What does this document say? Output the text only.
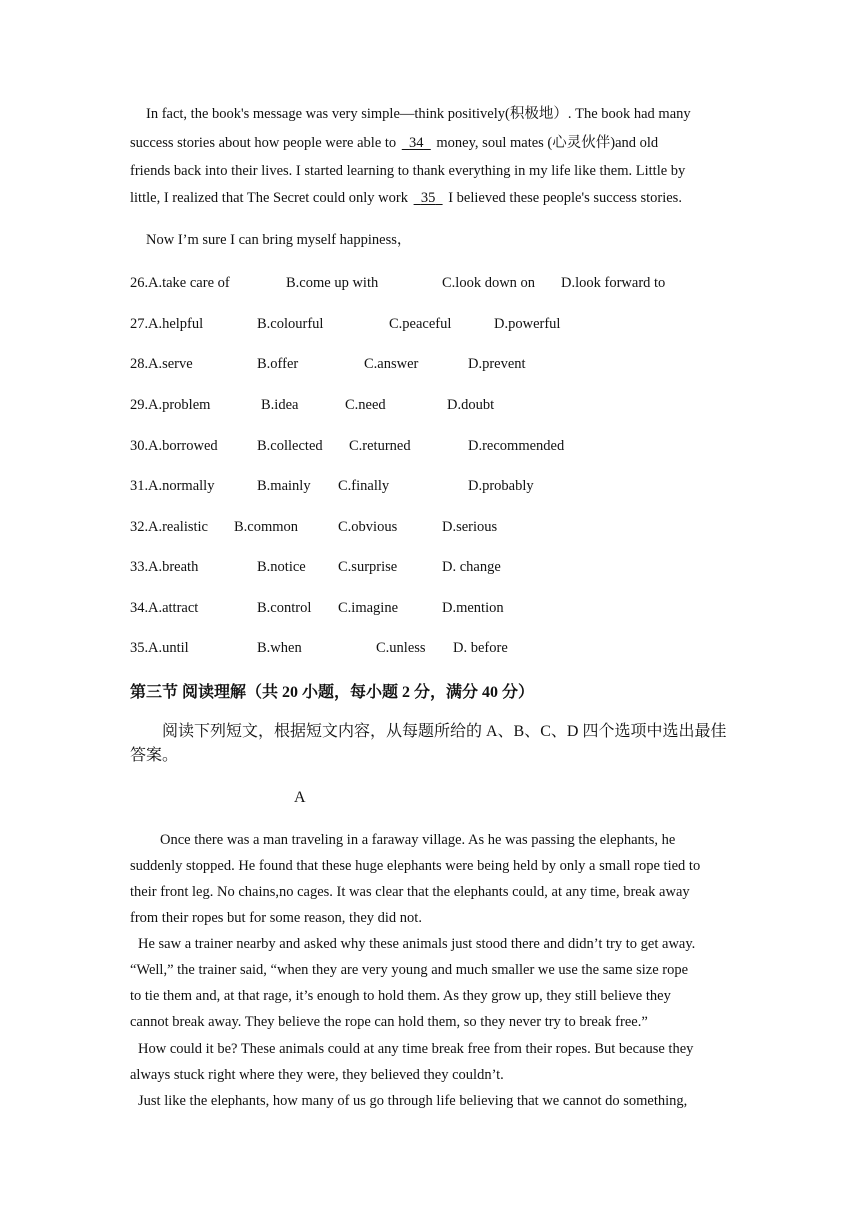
In fact, the book's message was very simple—think positively(积极地）. The book had many
success stories about how people were able to   34   money, soul mates (心灵伙伴)and old
friends back into their lives. I started learning to thank everything in my life like them. Little by
little, I realized that The Secret could only work   35   I believed these people's success stories.
Now I’m sure I can bring myself happiness，
26. A.take care of	B.come up with	C.look down on D.look forward to
27. A.helpful	B.colourful	C.peaceful	D.powerful
28. A.serve	B.offer	C.answer	D.prevent
29. A.problem	B.idea	C.need	D.doubt
30. A.borrowed	B.collected C.returned	D.recommended
31. A.normally	B.mainly C.finally	D.probably
32. A.realistic B.common	C.obvious	D.serious
33. A.breath	B.notice C.surprise	D. change
34. A.attract	B.control C.imagine	D.mention
35. A.until	B.when	C.unless D. before
第三节 阅读理解（共 20 小题，每小题 2 分，满分 40 分）
阅读下列短文，根据短文内容，从每题所给的 A、B、C、D 四个选项中选出最佳答案。
A
Once there was a man traveling in a faraway village. As he was passing the elephants, he
suddenly stopped. He found that these huge elephants were being held by only a small rope tied to
their front leg. No chains,no cages. It was clear that the elephants could, at any time, break away
from their ropes but for some reason, they did not.
He saw a trainer nearby and asked why these animals just stood there and didn’t try to get away.
“Well,” the trainer said, “when they are very young and much smaller we use the same size rope
to tie them and, at that rage, it’s enough to hold them. As they grow up, they still believe they
cannot break away. They believe the rope can hold them, so they never try to break free.”
How could it be? These animals could at any time break free from their ropes. But because they
always stuck right where they were, they believed they couldn’t.
Just like the elephants, how many of us go through life believing that we cannot do something,
